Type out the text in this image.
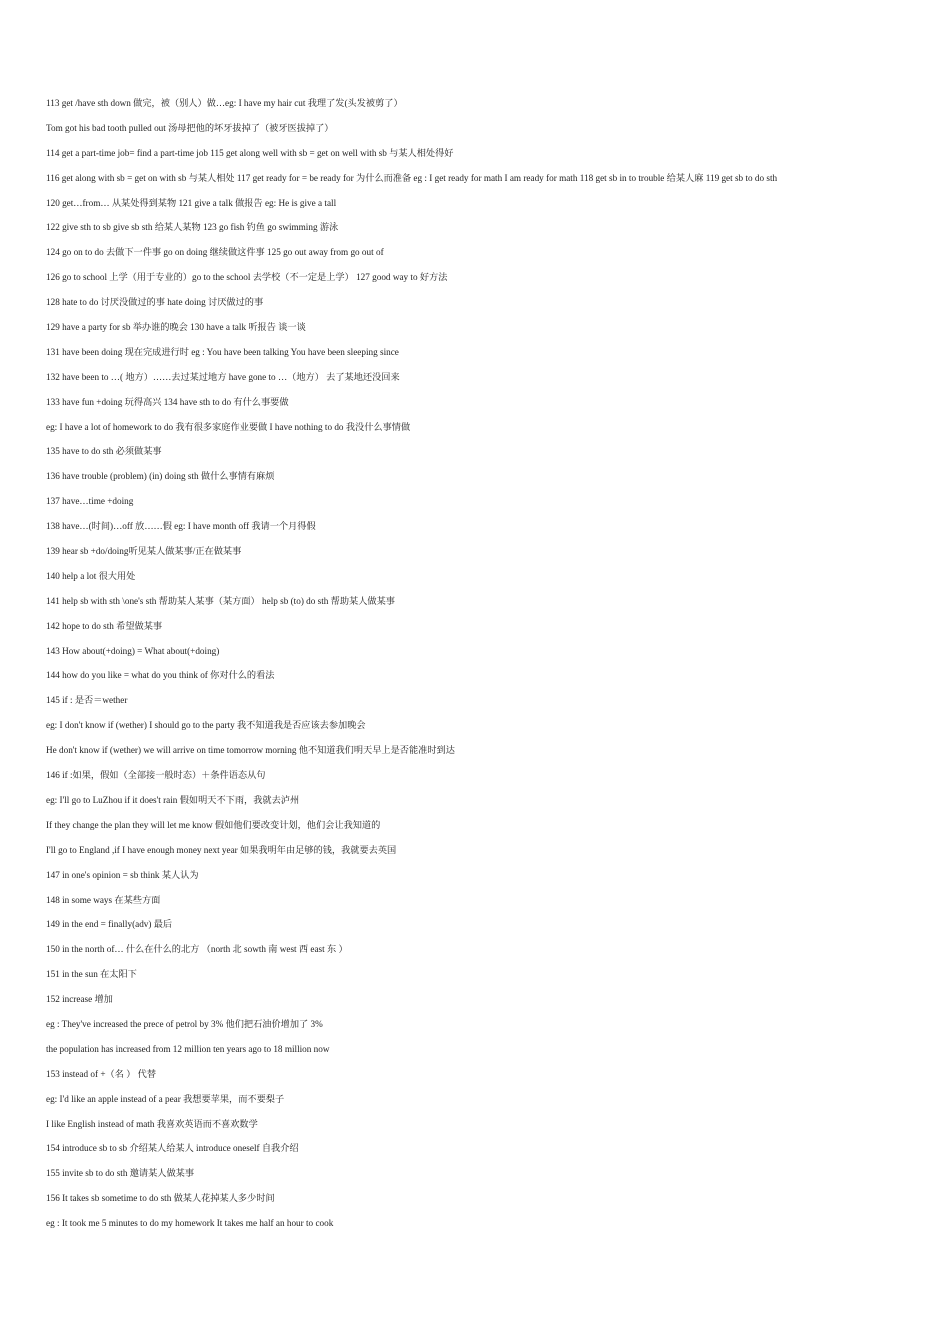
113 get /have sth down 做完，被（别人）做…eg: I have my hair cut 我理了发(头发被剪了）
Tom got his bad tooth pulled out 汤母把他的坏牙拔掉了（被牙医拔掉了）
114 get a part-time job= find a part-time job 115 get along well with sb = get on well with sb 与某人相处得好
116 get along with sb = get on with sb 与某人相处 117 get ready for = be ready for 为什么而准备 eg : I get ready for math I am ready for math 118 get sb in to trouble 给某人麻 119 get sb to do sth
120 get…from… 从某处得到某物 121 give a talk 做报告 eg: He is give a tall
122 give sth to sb give sb sth 给某人某物 123 go fish 钓鱼 go swimming 游泳
124 go on to do 去做下一件事 go on doing 继续做这件事 125 go out away from go out of
126 go to school 上学（用于专业的）go to the school 去学校（不一定是上学） 127 good way to 好方法
128 hate to do 讨厌没做过的事 hate doing 讨厌做过的事
129 have a party for sb 举办谁的晚会 130 have a talk 听报告 谈一谈
131 have been doing 现在完成进行时 eg : You have been talking You have been sleeping since
132 have been to …( 地方）……去过某过地方 have gone to …（地方） 去了某地还没回来
133 have fun +doing 玩得高兴 134 have sth to do 有什么事要做
eg: I have a lot of homework to do 我有很多家庭作业要做 I have nothing to do 我没什么事情做
135 have to do sth 必须做某事
136 have trouble (problem) (in) doing sth 做什么事情有麻烦
137 have…time +doing
138 have…(时间)…off 放……假 eg: I have month off 我请一个月得假
139 hear sb +do/doing听见某人做某事/正在做某事
140 help a lot 很大用处
141 help sb with sth \one's sth 帮助某人某事（某方面） help sb (to) do sth 帮助某人做某事
142 hope to do sth 希望做某事
143 How about(+doing) = What about(+doing)
144 how do you like = what do you think of 你对什么的看法
145 if : 是否＝wether
eg: I don't know if (wether) I should go to the party 我不知道我是否应该去参加晚会
He don't know if (wether) we will arrive on time tomorrow morning 他不知道我们明天早上是否能准时到达
146 if :如果，假如（全部接一般时态）＋条件语态从句
eg: I'll go to LuZhou if it does't rain 假如明天不下雨，我就去泸州
If they change the plan they will let me know 假如他们要改变计划，他们会让我知道的
I'll go to England ,if I have enough money next year 如果我明年由足够的钱，我就要去英国
147 in one's opinion = sb think 某人认为
148 in some ways 在某些方面
149 in the end = finally(adv) 最后
150 in the north of… 什么在什么的北方 （north 北 sowth 南 west 西 east 东 ）
151 in the sun 在太阳下
152 increase 增加
eg : They've increased the prece of petrol by 3% 他们把石油价增加了 3%
the population has increased from 12 million ten years ago to 18 million now
153 instead of +（名 ） 代替
eg: I'd like an apple instead of a pear 我想要苹果，而不要梨子
I like English instead of math 我喜欢英语而不喜欢数学
154 introduce sb to sb 介绍某人给某人 introduce oneself 自我介绍
155 invite sb to do sth 邀请某人做某事
156 It takes sb sometime to do sth 做某人花掉某人多少时间
eg : It took me 5 minutes to do my homework It takes me half an hour to cook
